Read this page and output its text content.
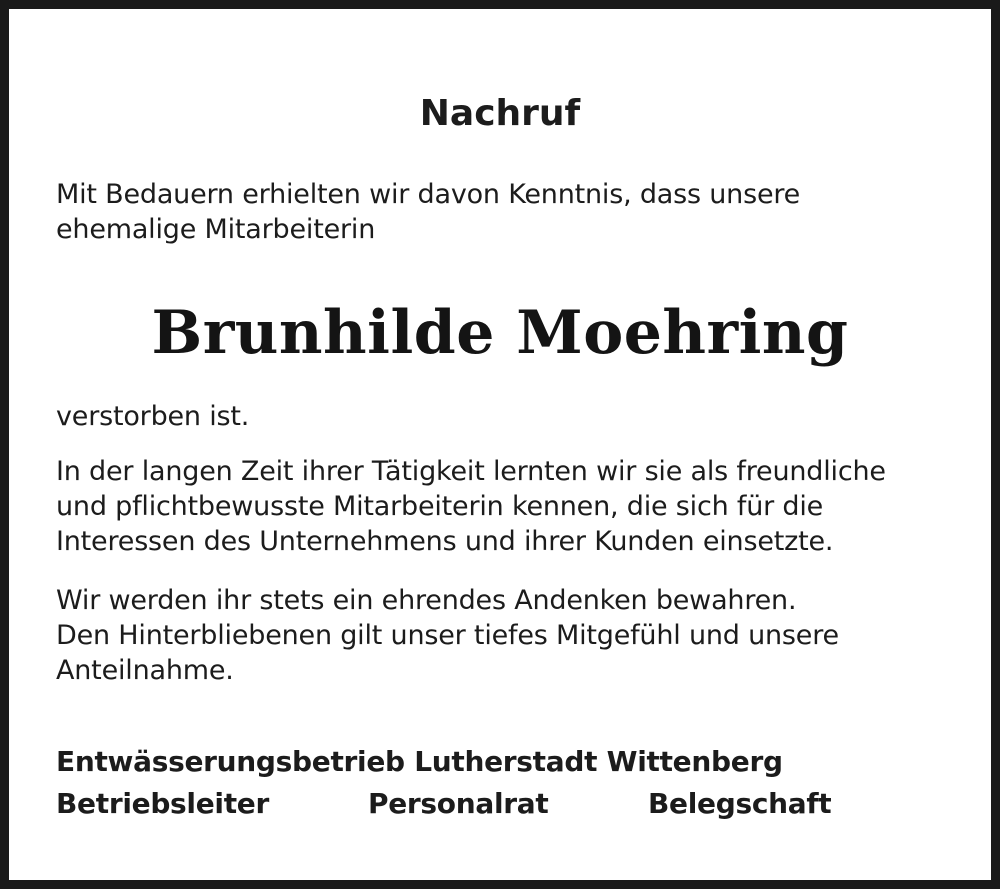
Nachruf

Mit Bedauern erhielten wir davon Kenntnis, dass unsere
ehemalige Mitarbeiterin

Brunhilde Moehring

verstorben ist.

In der langen Zeit ihrer Tätigkeit lernten wir sie als freundliche
und pflichtbewusste Mitarbeiterin kennen, die sich für die
Interessen des Unternehmens und ihrer Kunden einsetzte.

Wir werden ihr stets ein ehrendes Andenken bewahren.
Den Hinterbliebenen gilt unser tiefes Mitgefühl und unsere
Anteilnahme.

Entwässerungsbetrieb Lutherstadt Wittenberg

Betriebsleiter	Personalrat	Belegschaft
